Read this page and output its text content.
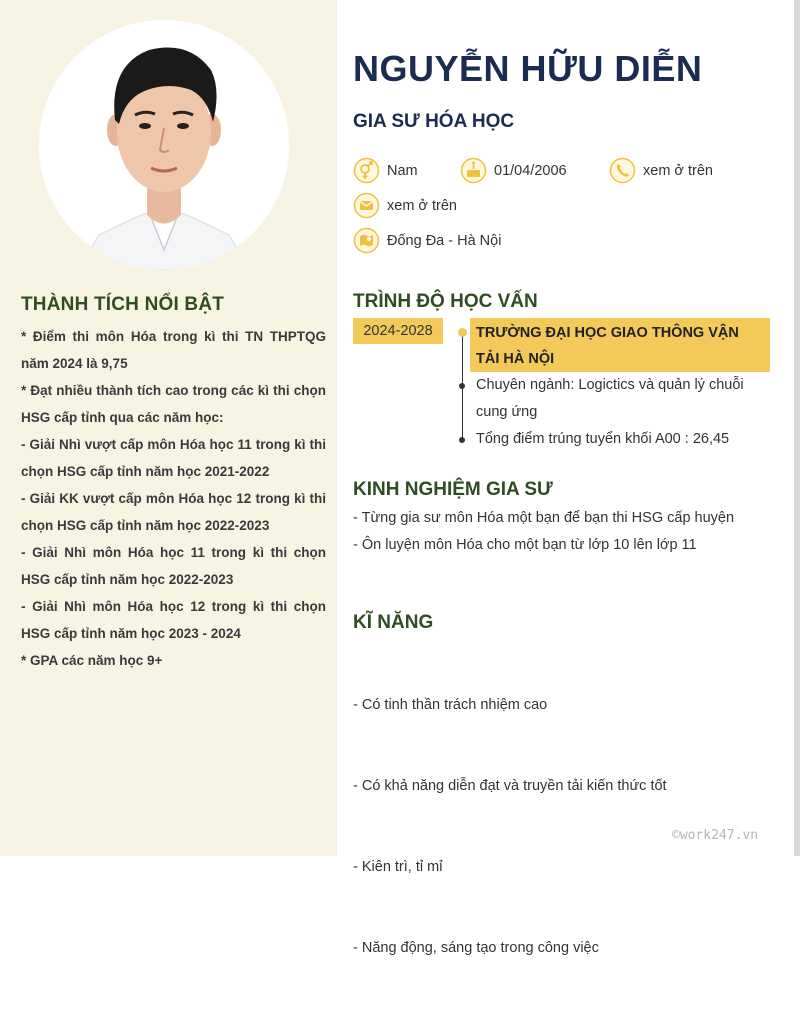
THÀNH TÍCH NỔI BẬT

* Điểm thi môn Hóa trong kì thi TN THPTQG năm 2024 là 9,75

* Đạt nhiều thành tích cao trong các kì thi chọn HSG cấp tỉnh qua các năm học:

- Giải Nhì vượt cấp môn Hóa học 11 trong kì thi chọn HSG cấp tỉnh năm học 2021-2022

- Giải KK vượt cấp môn Hóa học 12 trong kì thi chọn HSG cấp tỉnh năm học 2022-2023

- Giải Nhì môn Hóa học 11 trong kì thi chọn HSG cấp tỉnh năm học 2022-2023

- Giải Nhì môn Hóa học 12 trong kì thi chọn HSG cấp tỉnh năm học 2023 - 2024

* GPA các năm học 9+

NGUYỄN HỮU DIỄN
GIA SƯ HÓA HỌC
Nam	01/04/2006	xem ở trên
xem ở trên
Đống Đa - Hà Nội
TRÌNH ĐỘ HỌC VẤN
2024-2028	TRƯỜNG ĐẠI HỌC GIAO THÔNG VẬN TẢI HÀ NỘI

Chuyên ngành: Logictics và quản lý chuỗi cung ứng

Tổng điểm trúng tuyển khối A00 : 26,45

KINH NGHIỆM GIA SƯ

- Từng gia sư môn Hóa một bạn để bạn thi HSG cấp huyện

- Ôn luyện môn Hóa cho một bạn từ lớp 10 lên lớp 11

KĨ NĂNG

- Có tinh thần trách nhiệm cao

- Có khả năng diễn đạt và truyền tải kiến thức tốt

- Kiên trì, tỉ mỉ

- Năng động, sáng tạo trong công việc

©work247.vn
